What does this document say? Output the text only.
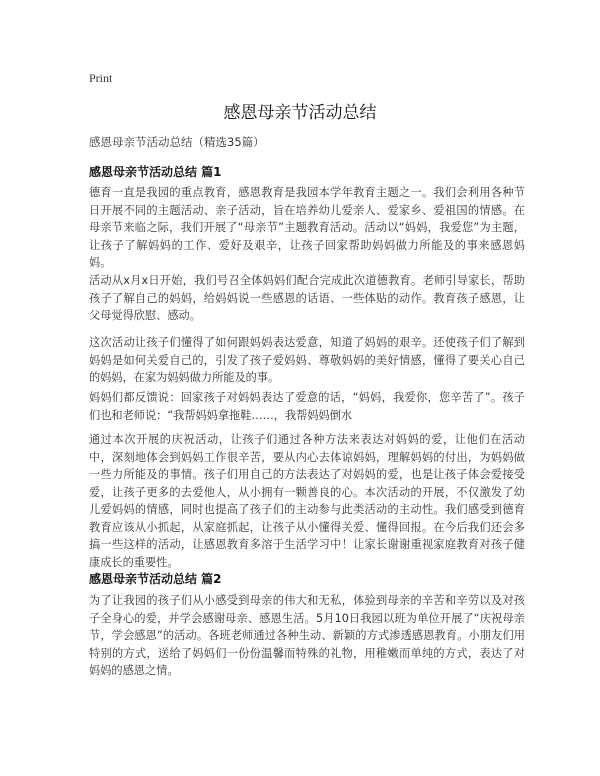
Print
感恩母亲节活动总结
感恩母亲节活动总结（精选35篇）
感恩母亲节活动总结 篇1

德育一直是我园的重点教育，感恩教育是我园本学年教育主题之一。我们会利用各种节日开展不同的主题活动、亲子活动，旨在培养幼儿爱亲人、爱家乡、爱祖国的情感。在母亲节来临之际，我们开展了“母亲节”主题教育活动。活动以“妈妈，我爱您”为主题，让孩子了解妈妈的工作、爱好及艰辛，让孩子回家帮助妈妈做力所能及的事来感恩妈妈。

活动从x月x日开始，我们号召全体妈妈们配合完成此次道德教育。老师引导家长，帮助孩子了解自己的妈妈，给妈妈说一些感恩的话语、一些体贴的动作。教育孩子感恩，让父母觉得欣慰、感动。

这次活动让孩子们懂得了如何跟妈妈表达爱意，知道了妈妈的艰辛。还使孩子们了解到妈妈是如何关爱自己的，引发了孩子爱妈妈、尊敬妈妈的美好情感，懂得了要关心自己的妈妈，在家为妈妈做力所能及的事。

妈妈们都反馈说：回家孩子对妈妈表达了爱意的话，“妈妈，我爱你，您辛苦了”。孩子们也和老师说：“我帮妈妈拿拖鞋……，我帮妈妈倒水

通过本次开展的庆祝活动，让孩子们通过各种方法来表达对妈妈的爱，让他们在活动中，深刻地体会到妈妈工作很辛苦，要从内心去体谅妈妈，理解妈妈的付出，为妈妈做一些力所能及的事情。孩子们用自己的方法表达了对妈妈的爱，也是让孩子体会爱接受爱，让孩子更多的去爱他人，从小拥有一颗善良的心。本次活动的开展，不仅激发了幼儿爱妈妈的情感，同时也提高了孩子们的主动参与此类活动的主动性。我们感受到德育教育应该从小抓起，从家庭抓起，让孩子从小懂得关爱、懂得回报。在今后我们还会多搞一些这样的活动，让感恩教育多溶于生活学习中！让家长谢谢重视家庭教育对孩子健康成长的重要性。

感恩母亲节活动总结 篇2

为了让我园的孩子们从小感受到母亲的伟大和无私，体验到母亲的辛苦和辛劳以及对孩子全身心的爱，并学会感谢母亲、感恩生活。5月10日我园以班为单位开展了“庆祝母亲节，学会感恩”的活动。各班老师通过各种生动、新颖的方式渗透感恩教育。小朋友们用特别的方式，送给了妈妈们一份份温馨而特殊的礼物，用稚嫩而单纯的方式，表达了对妈妈的感恩之情。
